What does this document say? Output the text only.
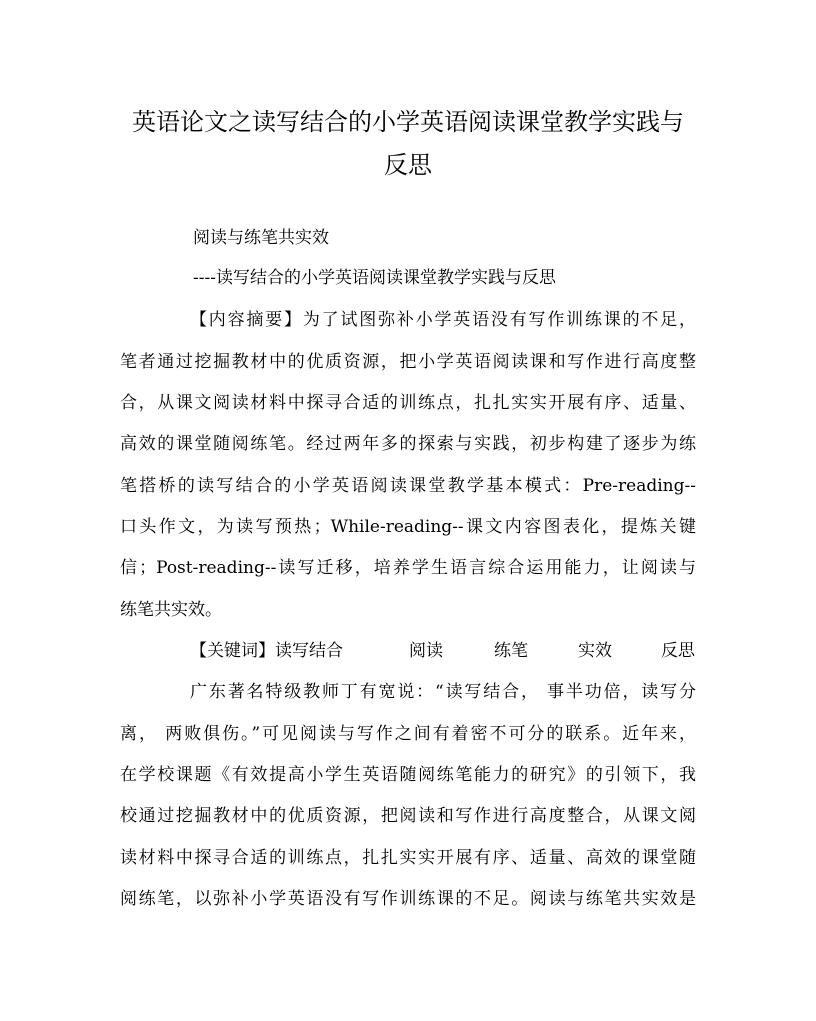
英语论文之读写结合的小学英语阅读课堂教学实践与
反思
阅读与练笔共实效
----读写结合的小学英语阅读课堂教学实践与反思
【内容摘要】为了试图弥补小学英语没有写作训练课的不足，
笔者通过挖掘教材中的优质资源，把小学英语阅读课和写作进行高度整
合，从课文阅读材料中探寻合适的训练点，扎扎实实开展有序、适量、
高效的课堂随阅练笔。经过两年多的探索与实践，初步构建了逐步为练
笔搭桥的读写结合的小学英语阅读课堂教学基本模式：Pre-reading--
口头作文，为读写预热；While-reading--课文内容图表化，提炼关键
信；Post-reading--读写迁移，培养学生语言综合运用能力，让阅读与
练笔共实效。
【关键词】读写结合	阅读	练笔	实效	反思
广东著名特级教师丁有宽说：“读写结合， 事半功倍，读写分
离， 两败俱伤。”可见阅读与写作之间有着密不可分的联系。近年来，
在学校课题《有效提高小学生英语随阅练笔能力的研究》的引领下，我
校通过挖掘教材中的优质资源，把阅读和写作进行高度整合，从课文阅
读材料中探寻合适的训练点，扎扎实实开展有序、适量、高效的课堂随
阅练笔，以弥补小学英语没有写作训练课的不足。阅读与练笔共实效是
